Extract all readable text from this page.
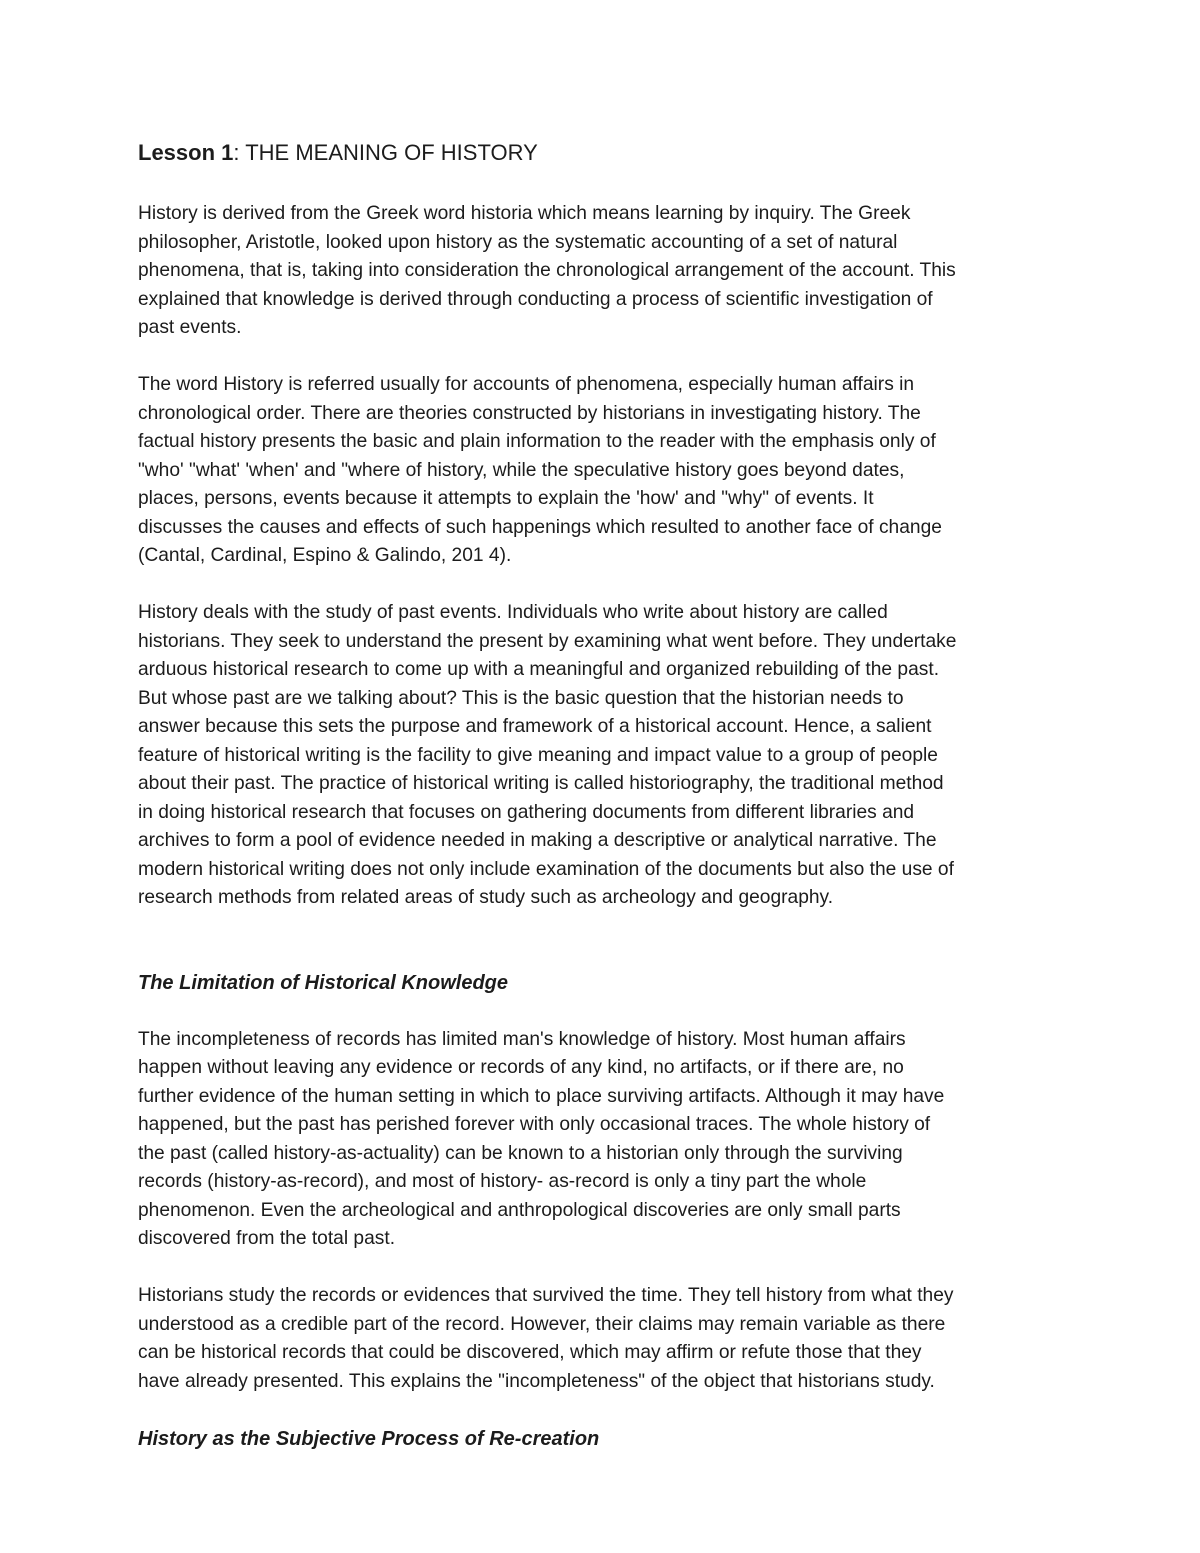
Lesson 1: THE MEANING OF HISTORY

History is derived from the Greek word historia which means learning by inquiry. The Greek
philosopher, Aristotle, looked upon history as the systematic accounting of a set of natural
phenomena, that is, taking into consideration the chronological arrangement of the account. This
explained that knowledge is derived through conducting a process of scientific investigation of
past events.

The word History is referred usually for accounts of phenomena, especially human affairs in
chronological order. There are theories constructed by historians in investigating history. The
factual history presents the basic and plain information to the reader with the emphasis only of
"who' "what' 'when' and "where of history, while the speculative history goes beyond dates,
places, persons, events because it attempts to explain the 'how' and "why" of events. It
discusses the causes and effects of such happenings which resulted to another face of change
(Cantal, Cardinal, Espino & Galindo, 201 4).

History deals with the study of past events. Individuals who write about history are called
historians. They seek to understand the present by examining what went before. They undertake
arduous historical research to come up with a meaningful and organized rebuilding of the past.
But whose past are we talking about? This is the basic question that the historian needs to
answer because this sets the purpose and framework of a historical account. Hence, a salient
feature of historical writing is the facility to give meaning and impact value to a group of people
about their past. The practice of historical writing is called historiography, the traditional method
in doing historical research that focuses on gathering documents from different libraries and
archives to form a pool of evidence needed in making a descriptive or analytical narrative. The
modern historical writing does not only include examination of the documents but also the use of
research methods from related areas of study such as archeology and geography.

The Limitation of Historical Knowledge

The incompleteness of records has limited man's knowledge of history. Most human affairs
happen without leaving any evidence or records of any kind, no artifacts, or if there are, no
further evidence of the human setting in which to place surviving artifacts. Although it may have
happened, but the past has perished forever with only occasional traces. The whole history of
the past (called history-as-actuality) can be known to a historian only through the surviving
records (history-as-record), and most of history- as-record is only a tiny part the whole
phenomenon. Even the archeological and anthropological discoveries are only small parts
discovered from the total past.

Historians study the records or evidences that survived the time. They tell history from what they
understood as a credible part of the record. However, their claims may remain variable as there
can be historical records that could be discovered, which may affirm or refute those that they
have already presented. This explains the "incompleteness" of the object that historians study.

History as the Subjective Process of Re-creation
